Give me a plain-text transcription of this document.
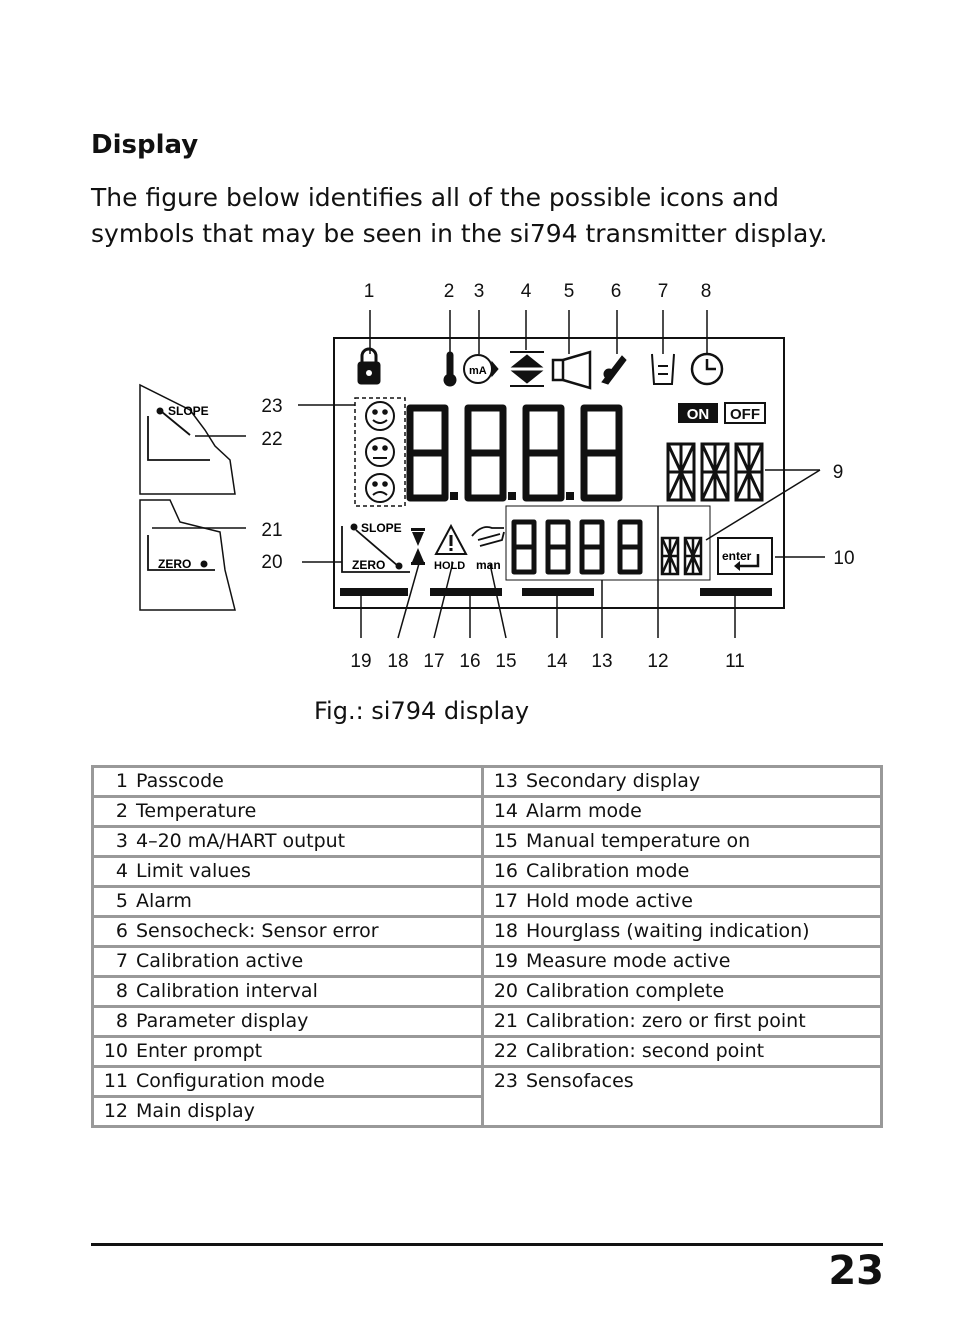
Display
The figure below identifies all of the possible icons and symbols that may be seen in the si794 transmitter display.
ON OFF
SLOPE
ZERO
SLOPE
ZERO	HOLD man
enter
mA
1	2 3 4 5 6 7 8
9
10
11
12
13
14
15
16
17
18
19
20
21
22
23
Fig.: si794 display
1 Passcode	13 Secondary display
2 Temperature	14 Alarm mode
3 4–20 mA/HART output	15 Manual temperature on
4 Limit values	16 Calibration mode
5 Alarm	17 Hold mode active
6 Sensocheck: Sensor error	18 Hourglass (waiting indication)
7 Calibration active	19 Measure mode active
8 Calibration interval	20 Calibration complete
8 Parameter display	21 Calibration: zero or first point
10 Enter prompt	22 Calibration: second point
11 Configuration mode	23 Sensofaces
12 Main display	
23
